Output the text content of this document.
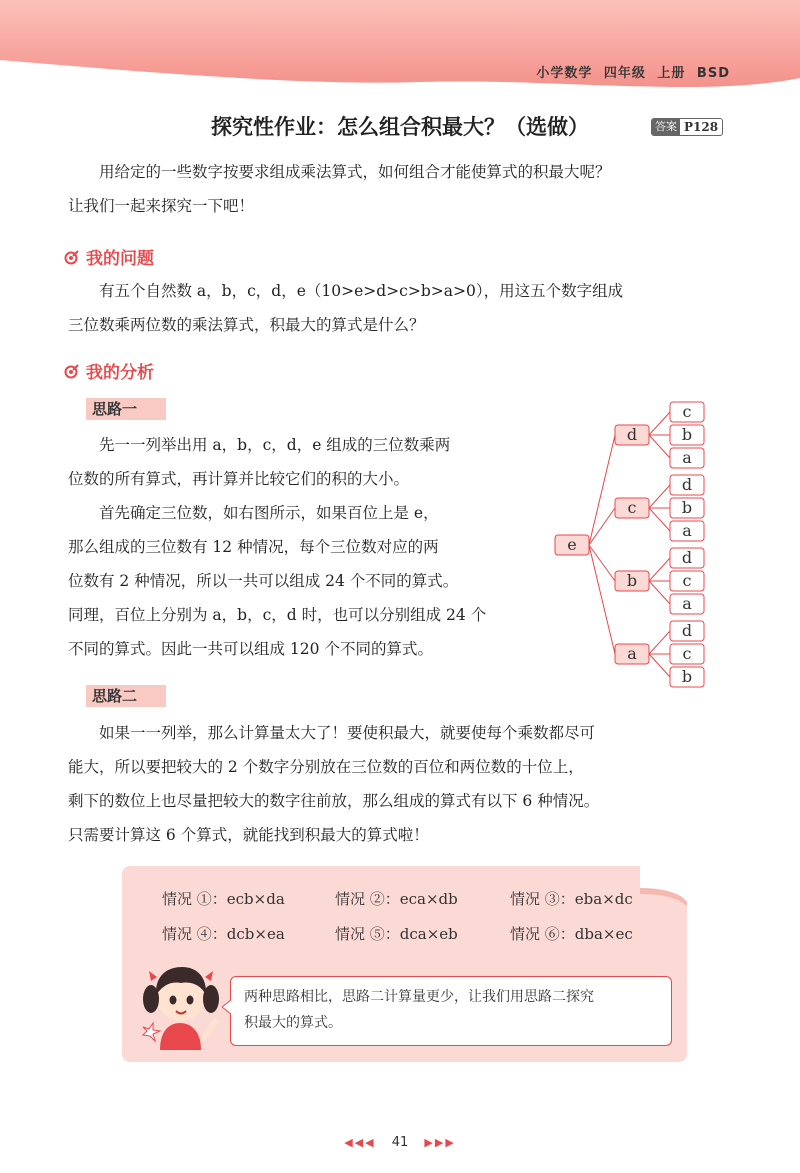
小学数学 四年级 上册 BSD
探究性作业：怎么组合积最大？（选做）	答案 P128
用给定的一些数字按要求组成乘法算式，如何组合才能使算式的积最大呢？
让我们一起来探究一下吧！
我的问题
有五个自然数 a，b，c，d，e（10>e>d>c>b>a>0），用这五个数字组成
三位数乘两位数的乘法算式，积最大的算式是什么？
我的分析
思路一
先一一列举出用 a，b，c，d，e 组成的三位数乘两
位数的所有算式，再计算并比较它们的积的大小。
首先确定三位数，如右图所示，如果百位上是 e，
那么组成的三位数有 12 种情况，每个三位数对应的两
位数有 2 种情况，所以一共可以组成 24 个不同的算式。
同理，百位上分别为 a，b，c，d 时，也可以分别组成 24 个
不同的算式。因此一共可以组成 120 个不同的算式。
d
c
b
a
c
d
b
a
b
d
c
a
a
d
c
b
e
思路二
如果一一列举，那么计算量太大了！要使积最大，就要使每个乘数都尽可
能大，所以要把较大的 2 个数字分别放在三位数的百位和两位数的十位上，
剩下的数位上也尽量把较大的数字往前放，那么组成的算式有以下 6 种情况。
只需要计算这 6 个算式，就能找到积最大的算式啦！
情况 ①：ecb×da	情况 ②：eca×db	情况 ③：eba×dc
情况 ④：dcb×ea	情况 ⑤：dca×eb	情况 ⑥：dba×ec
两种思路相比，思路二计算量更少，让我们用思路二探究
积最大的算式。
◀◀◀ 41 ▶▶▶
